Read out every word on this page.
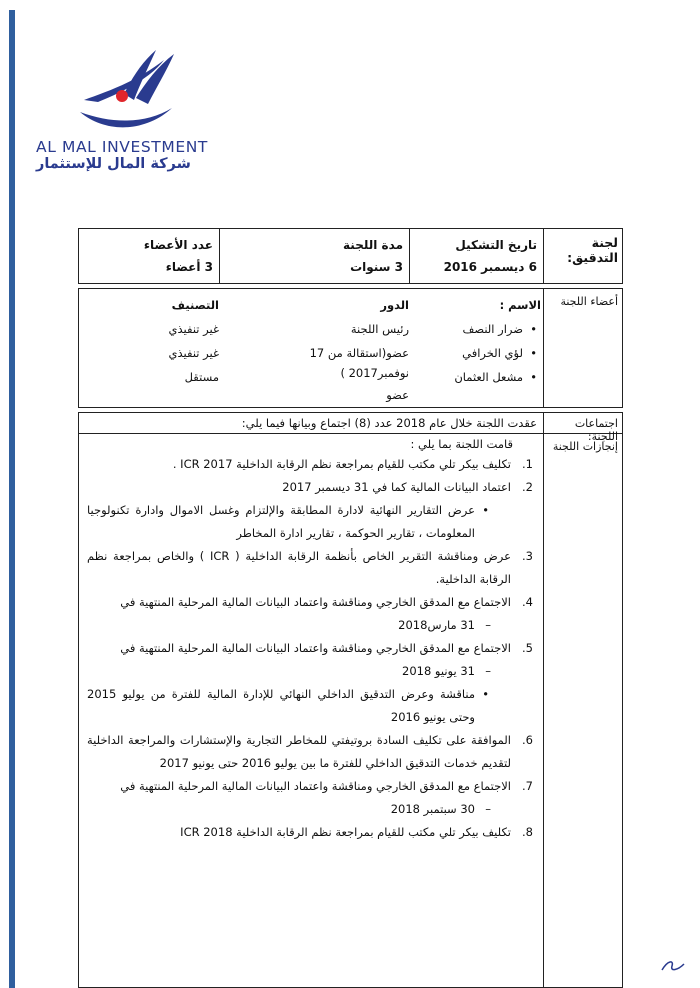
AL MAL INVESTMENT
شركة المال للإستثمار
لجنة التدقيق:
تاريخ التشكيل
6 ديسمبر 2016
مدة اللجنة
3 سنوات
عدد الأعضاء
3 أعضاء
أعضاء اللجنة
الاسم :
• ضرار النصف
• لؤي الخرافي
• مشعل العثمان
الدور
رئيس اللجنة
عضو(استقالة من 17 نوفمبر2017 )
عضو
التصنيف
غير تنفيذي
غير تنفيذي
مستقل
اجتماعات اللجنة:
عقدت اللجنة خلال عام 2018 عدد (8) اجتماع وبيانها فيما يلي:
إنجازات اللجنة
قامت اللجنة بما يلي :
1.
تكليف بيكر تلي مكتب للقيام بمراجعة نظم الرقابة الداخلية ICR 2017 .
2.
اعتماد البيانات المالية كما في 31 ديسمبر 2017
• عرض التقارير النهائية لادارة المطابقة والإلتزام وغسل الاموال وادارة تكنولوجيا المعلومات ، تقارير الحوكمة ، تقارير ادارة المخاطر
3.
عرض ومناقشة التقرير الخاص بأنظمة الرقابة الداخلية ( ICR ) والخاص بمراجعة نظم الرقابة الداخلية.
4.
الاجتماع مع المدقق الخارجي ومناقشة واعتماد البيانات المالية المرحلية المنتهية في
– 31 مارس2018
5.
الاجتماع مع المدقق الخارجي ومناقشة واعتماد البيانات المالية المرحلية المنتهية في
– 31 يونيو 2018
• مناقشة وعرض التدقيق الداخلي النهائي للإدارة المالية للفترة من يوليو 2015 وحتى يونيو 2016
6.
الموافقة على تكليف السادة بروتيفتي للمخاطر التجارية والإستشارات والمراجعة الداخلية لتقديم خدمات التدقيق الداخلي للفترة ما بين يوليو 2016 حتى يونيو 2017
7.
الاجتماع مع المدقق الخارجي ومناقشة واعتماد البيانات المالية المرحلية المنتهية في
– 30 سبتمبر 2018
8.
تكليف بيكر تلي مكتب للقيام بمراجعة نظم الرقابة الداخلية ICR 2018
